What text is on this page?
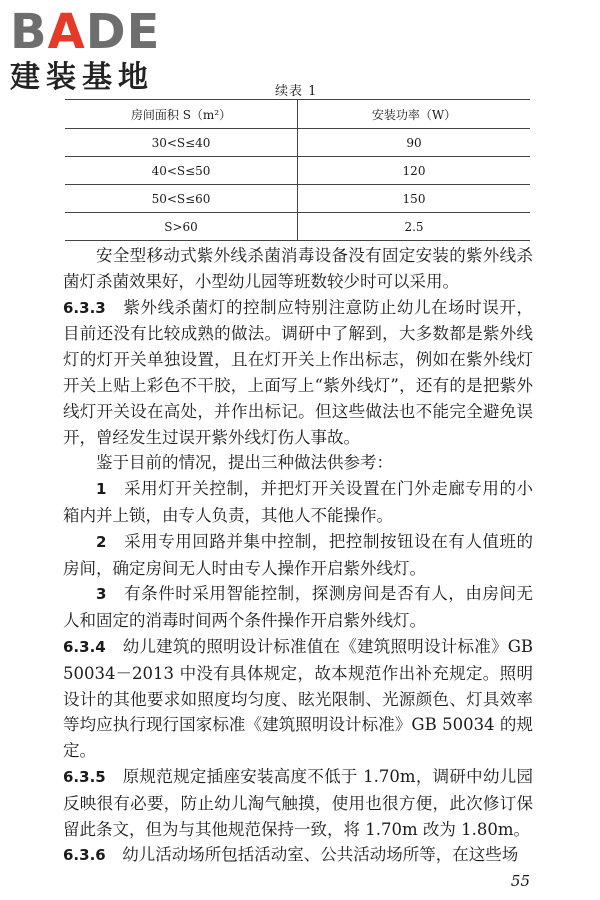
BADE
建装基地	续表 1
房间面积 S（m²）	安装功率（W）
30<S≤40	90
40<S≤50	120
50<S≤60	150
S>60	2.5

安全型移动式紫外线杀菌消毒设备没有固定安装的紫外线杀菌灯杀菌效果好，小型幼儿园等班数较少时可以采用。

6.3.3　 紫外线杀菌灯的控制应特别注意防止幼儿在场时误开，目前还没有比较成熟的做法。调研中了解到，大多数都是紫外线灯的灯开关单独设置，且在灯开关上作出标志，例如在紫外线灯开关上贴上彩色不干胶，上面写上“紫外线灯”，还有的是把紫外线灯开关设在高处，并作出标记。但这些做法也不能完全避免误开，曾经发生过误开紫外线灯伤人事故。

鉴于目前的情况，提出三种做法供参考：

1　 采用灯开关控制，并把灯开关设置在门外走廊专用的小箱内并上锁，由专人负责，其他人不能操作。

2　 采用专用回路并集中控制，把控制按钮设在有人值班的房间，确定房间无人时由专人操作开启紫外线灯。

3　 有条件时采用智能控制，探测房间是否有人，由房间无人和固定的消毒时间两个条件操作开启紫外线灯。

6.3.4　 幼儿建筑的照明设计标准值在《建筑照明设计标准》GB 50034－2013 中没有具体规定，故本规范作出补充规定。照明设计的其他要求如照度均匀度、眩光限制、光源颜色、灯具效率等均应执行现行国家标准《建筑照明设计标准》GB 50034 的规定。

6.3.5　 原规范规定插座安装高度不低于 1.70m，调研中幼儿园反映很有必要，防止幼儿淘气触摸，使用也很方便，此次修订保留此条文，但为与其他规范保持一致，将 1.70m 改为 1.80m。

6.3.6　 幼儿活动场所包括活动室、公共活动场所等，在这些场

55
